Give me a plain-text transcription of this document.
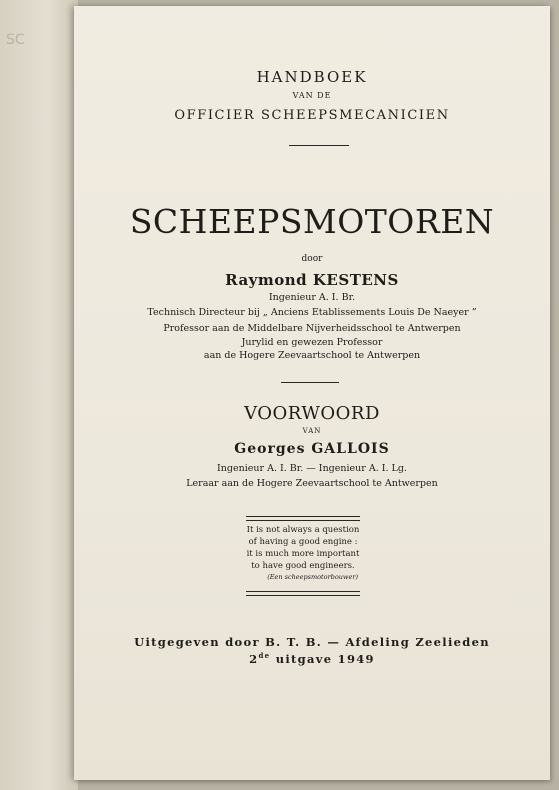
SC
HANDBOEK
VAN DE
OFFICIER SCHEEPSMECANICIEN
SCHEEPSMOTOREN
door
Raymond KESTENS
Ingenieur A. I. Br.
Technisch Directeur bij „ Anciens Etablissements Louis De Naeyer ”
Professor aan de Middelbare Nijverheidsschool te Antwerpen
Jurylid en gewezen Professor
aan de Hogere Zeevaartschool te Antwerpen
VOORWOORD
VAN
Georges GALLOIS
Ingenieur A. I. Br. — Ingenieur A. I. Lg.
Leraar aan de Hogere Zeevaartschool te Antwerpen
It is not always a question
of having a good engine :
it is much more important
to have good engineers.
(Een scheepsmotorbouwer)
Uitgegeven door B. T. B. — Afdeling Zeelieden
2de uitgave 1949
